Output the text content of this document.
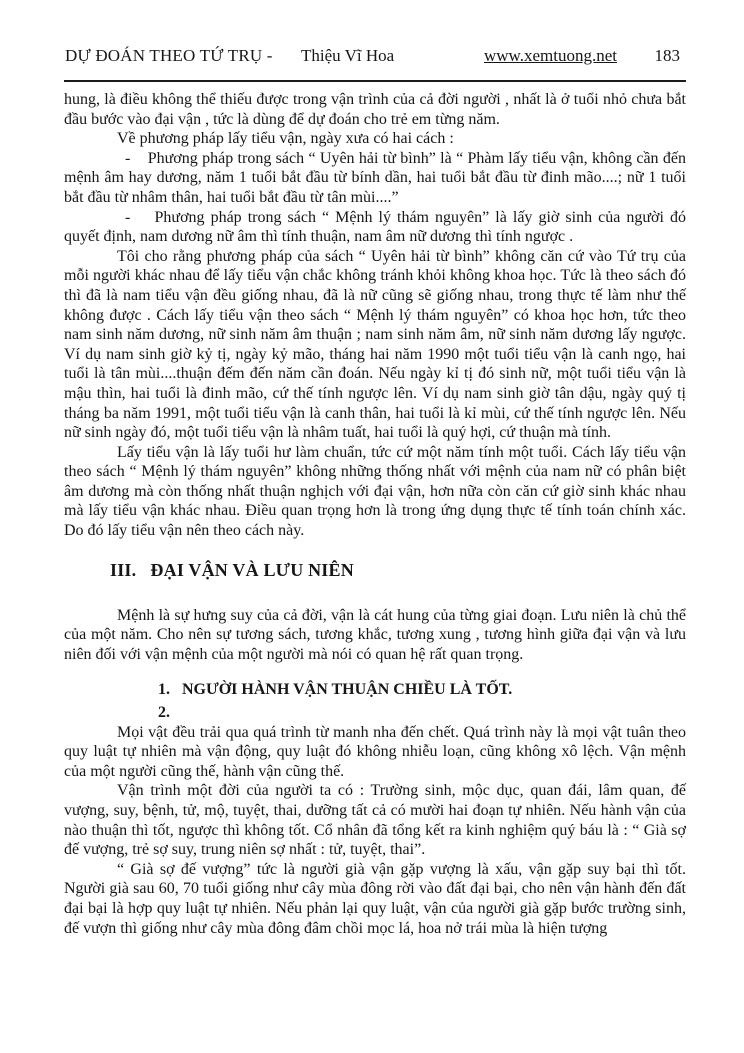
DỰ ĐOÁN THEO TỨ TRỤ - Thiệu Vĩ Hoa	www.xemtuong.net 183

hung, là điều không thể thiếu được trong vận trình của cả đời người , nhất là ở tuổi nhỏ chưa bắt đầu bước vào đại vận , tức là dùng để dự đoán cho trẻ em từng năm.

Về phương pháp lấy tiểu vận, ngày xưa có hai cách :

-    Phương pháp trong sách “ Uyên hải từ bình” là “ Phàm lấy tiểu vận, không cần đến mệnh âm hay dương, năm 1 tuổi bắt đầu từ bính dần, hai tuổi bắt đầu từ đinh mão....; nữ 1 tuổi bắt đầu từ nhâm thân, hai tuổi bắt đầu từ tân mùi....”

-    Phương pháp trong sách “ Mệnh lý thám nguyên” là lấy giờ sinh của người đó quyết định, nam dương nữ âm thì tính thuận, nam âm nữ dương thì tính ngược .

Tôi cho rằng phương pháp của sách “ Uyên hải từ bình” không căn cứ vào Tứ trụ của mỗi người khác nhau để lấy tiểu vận chắc không tránh khỏi không khoa học. Tức là theo sách đó thì đã là nam tiểu vận đều giống nhau, đã là nữ cũng sẽ giống nhau, trong thực tế làm như thế không được . Cách lấy tiểu vận theo sách “ Mệnh lý thám nguyên” có khoa học hơn, tức theo nam sinh năm dương, nữ sinh năm âm thuận ; nam sinh năm âm, nữ sinh năm dương lấy ngược. Ví dụ nam sinh giờ kỷ tị, ngày kỷ mão, tháng hai năm 1990 một tuổi tiểu vận là canh ngọ, hai tuổi là tân mùi....thuận đếm đến năm cần đoán. Nếu ngày kỉ tị đó sinh nữ, một tuổi tiểu vận là mậu thìn, hai tuổi là đinh mão, cứ thế tính ngược lên. Ví dụ nam sinh giờ tân dậu, ngày quý tị tháng ba năm 1991, một tuổi tiểu vận là canh thân, hai tuổi là kỉ mùi, cứ thế tính ngược lên. Nếu nữ sinh ngày đó, một tuổi tiểu vận là nhâm tuất, hai tuổi là quý hợi, cứ thuận mà tính.

Lấy tiểu vận là lấy tuổi hư làm chuẩn, tức cứ một năm tính một tuổi. Cách lấy tiểu vận theo sách “ Mệnh lý thám nguyên” không những thống nhất với mệnh của nam nữ có phân biệt âm dương mà còn thống nhất thuận nghịch với đại vận, hơn nữa còn căn cứ giờ sinh khác nhau mà lấy tiểu vận khác nhau. Điều quan trọng hơn là trong ứng dụng thực tế tính toán chính xác. Do đó lấy tiểu vận nên theo cách này.

III.   ĐẠI VẬN VÀ LƯU NIÊN

Mệnh là sự hưng suy của cả đời, vận là cát hung của từng giai đoạn. Lưu niên là chủ thể của một năm. Cho nên sự tương sách, tương khắc, tương xung , tương hình giữa đại vận và lưu niên đối với vận mệnh của một người mà nói có quan hệ rất quan trọng.

1.   NGƯỜI HÀNH VẬN THUẬN CHIỀU LÀ TỐT.

2.

Mọi vật đều trải qua quá trình từ manh nha đến chết. Quá trình này là mọi vật tuân theo quy luật tự nhiên mà vận động, quy luật đó không nhiễu loạn, cũng không xô lệch. Vận mệnh của một người cũng thế, hành vận cũng thế.

Vận trình một đời của người ta có : Trường sinh, mộc dục, quan đái, lâm quan, đế vượng, suy, bệnh, tử, mộ, tuyệt, thai, dưỡng tất cả có mười hai đoạn tự nhiên. Nếu hành vận của nào thuận thì tốt, ngược thì không tốt. Cổ nhân đã tổng kết ra kinh nghiệm quý báu là : “ Già sợ đế vượng, trẻ sợ suy, trung niên sợ nhất : tử, tuyệt, thai”.

“ Già sợ đế vượng” tức là người già vận gặp vượng là xấu, vận gặp suy bại thì tốt. Người già sau 60, 70 tuổi giống như cây mùa đông rời vào đất đại bại, cho nên vận hành đến đất đại bại là hợp quy luật tự nhiên. Nếu phản lại quy luật, vận của người già gặp bước trường sinh, đế vượn thì giống như cây mùa đông đâm chồi mọc lá, hoa nở trái mùa là hiện tượng
